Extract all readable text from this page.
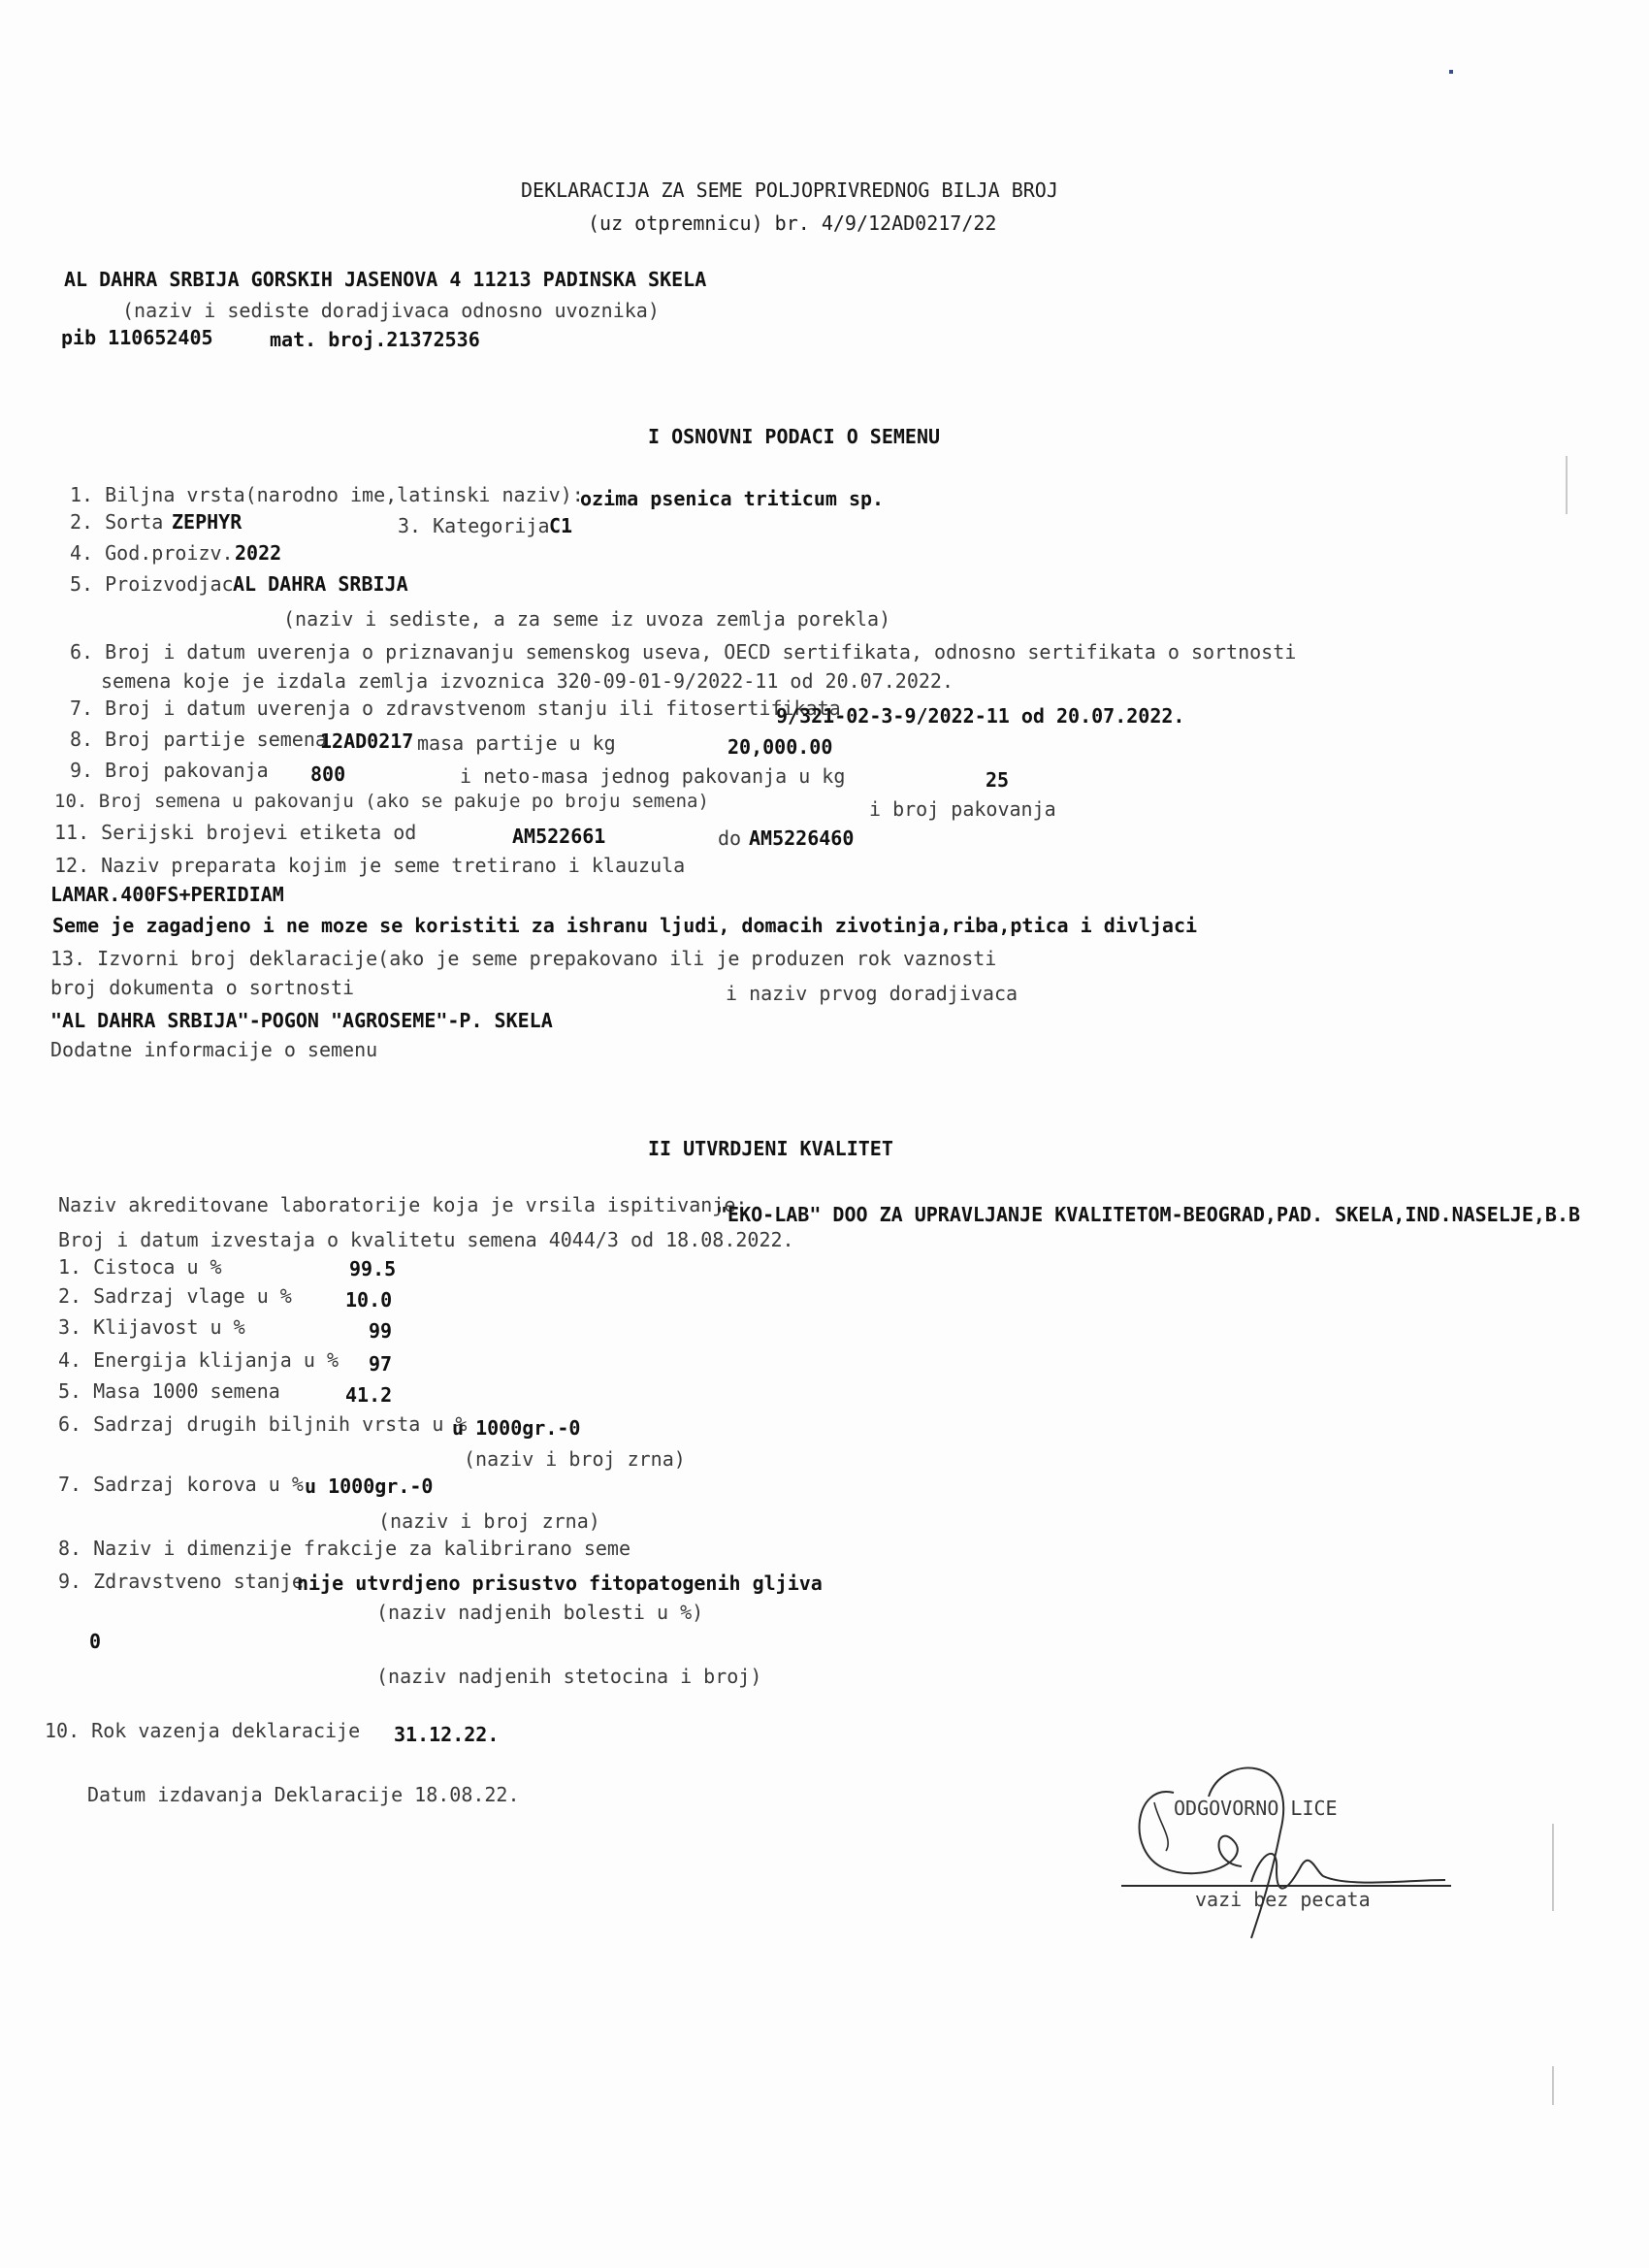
DEKLARACIJA ZA SEME POLJOPRIVREDNOG BILJA BROJ
(uz otpremnicu) br. 4/9/12AD0217/22
AL DAHRA SRBIJA GORSKIH JASENOVA 4 11213 PADINSKA SKELA
(naziv i sediste doradjivaca odnosno uvoznika)
pib 110652405	mat. broj.21372536
I OSNOVNI PODACI O SEMENU
1. Biljna vrsta(narodno ime,latinski naziv):
ozima psenica triticum sp.
2. Sorta ZEPHYR	3. Kategorija C1
4. God.proizv. 2022
5. Proizvodjac AL DAHRA SRBIJA
(naziv i sediste, a za seme iz uvoza zemlja porekla)
6. Broj i datum uverenja o priznavanju semenskog useva, OECD sertifikata, odnosno sertifikata o sortnosti
semena koje je izdala zemlja izvoznica 320-09-01-9/2022-11 od 20.07.2022.
7. Broj i datum uverenja o zdravstvenom stanju ili fitosertifikata
9/321-02-3-9/2022-11 od 20.07.2022.
8. Broj partije semena
12AD0217 masa partije u kg	20,000.00
9. Broj pakovanja 800	i neto-masa jednog pakovanja u kg	25
10. Broj semena u pakovanju (ako se pakuje po broju semena)	i broj pakovanja
11. Serijski brojevi etiketa od	AM522661	do AM5226460
12. Naziv preparata kojim je seme tretirano i klauzula
LAMAR.400FS+PERIDIAM
Seme je zagadjeno i ne moze se koristiti za ishranu ljudi, domacih zivotinja,riba,ptica i divljaci
13. Izvorni broj deklaracije(ako je seme prepakovano ili je produzen rok vaznosti
broj dokumenta o sortnosti	i naziv prvog doradjivaca
"AL DAHRA SRBIJA"-POGON "AGROSEME"-P. SKELA
Dodatne informacije o semenu
II UTVRDJENI KVALITET
Naziv akreditovane laboratorije koja je vrsila ispitivanje:
"EKO-LAB" DOO ZA UPRAVLJANJE KVALITETOM-BEOGRAD,PAD. SKELA,IND.NASELJE,B.B
Broj i datum izvestaja o kvalitetu semena 4044/3 od 18.08.2022.
1. Cistoca u %	99.5
2. Sadrzaj vlage u %	10.0
3. Klijavost u %	99
4. Energija klijanja u % 97
5. Masa 1000 semena	41.2
6. Sadrzaj drugih biljnih vrsta u %
u 1000gr.-0
(naziv i broj zrna)
7. Sadrzaj korova u % u 1000gr.-0
(naziv i broj zrna)
8. Naziv i dimenzije frakcije za kalibrirano seme
9. Zdravstveno stanje
nije utvrdjeno prisustvo fitopatogenih gljiva
(naziv nadjenih bolesti u %)
0
(naziv nadjenih stetocina i broj)
10. Rok vazenja deklaracije 31.12.22.
Datum izdavanja Deklaracije 18.08.22.
ODGOVORNO LICE
vazi bez pecata
